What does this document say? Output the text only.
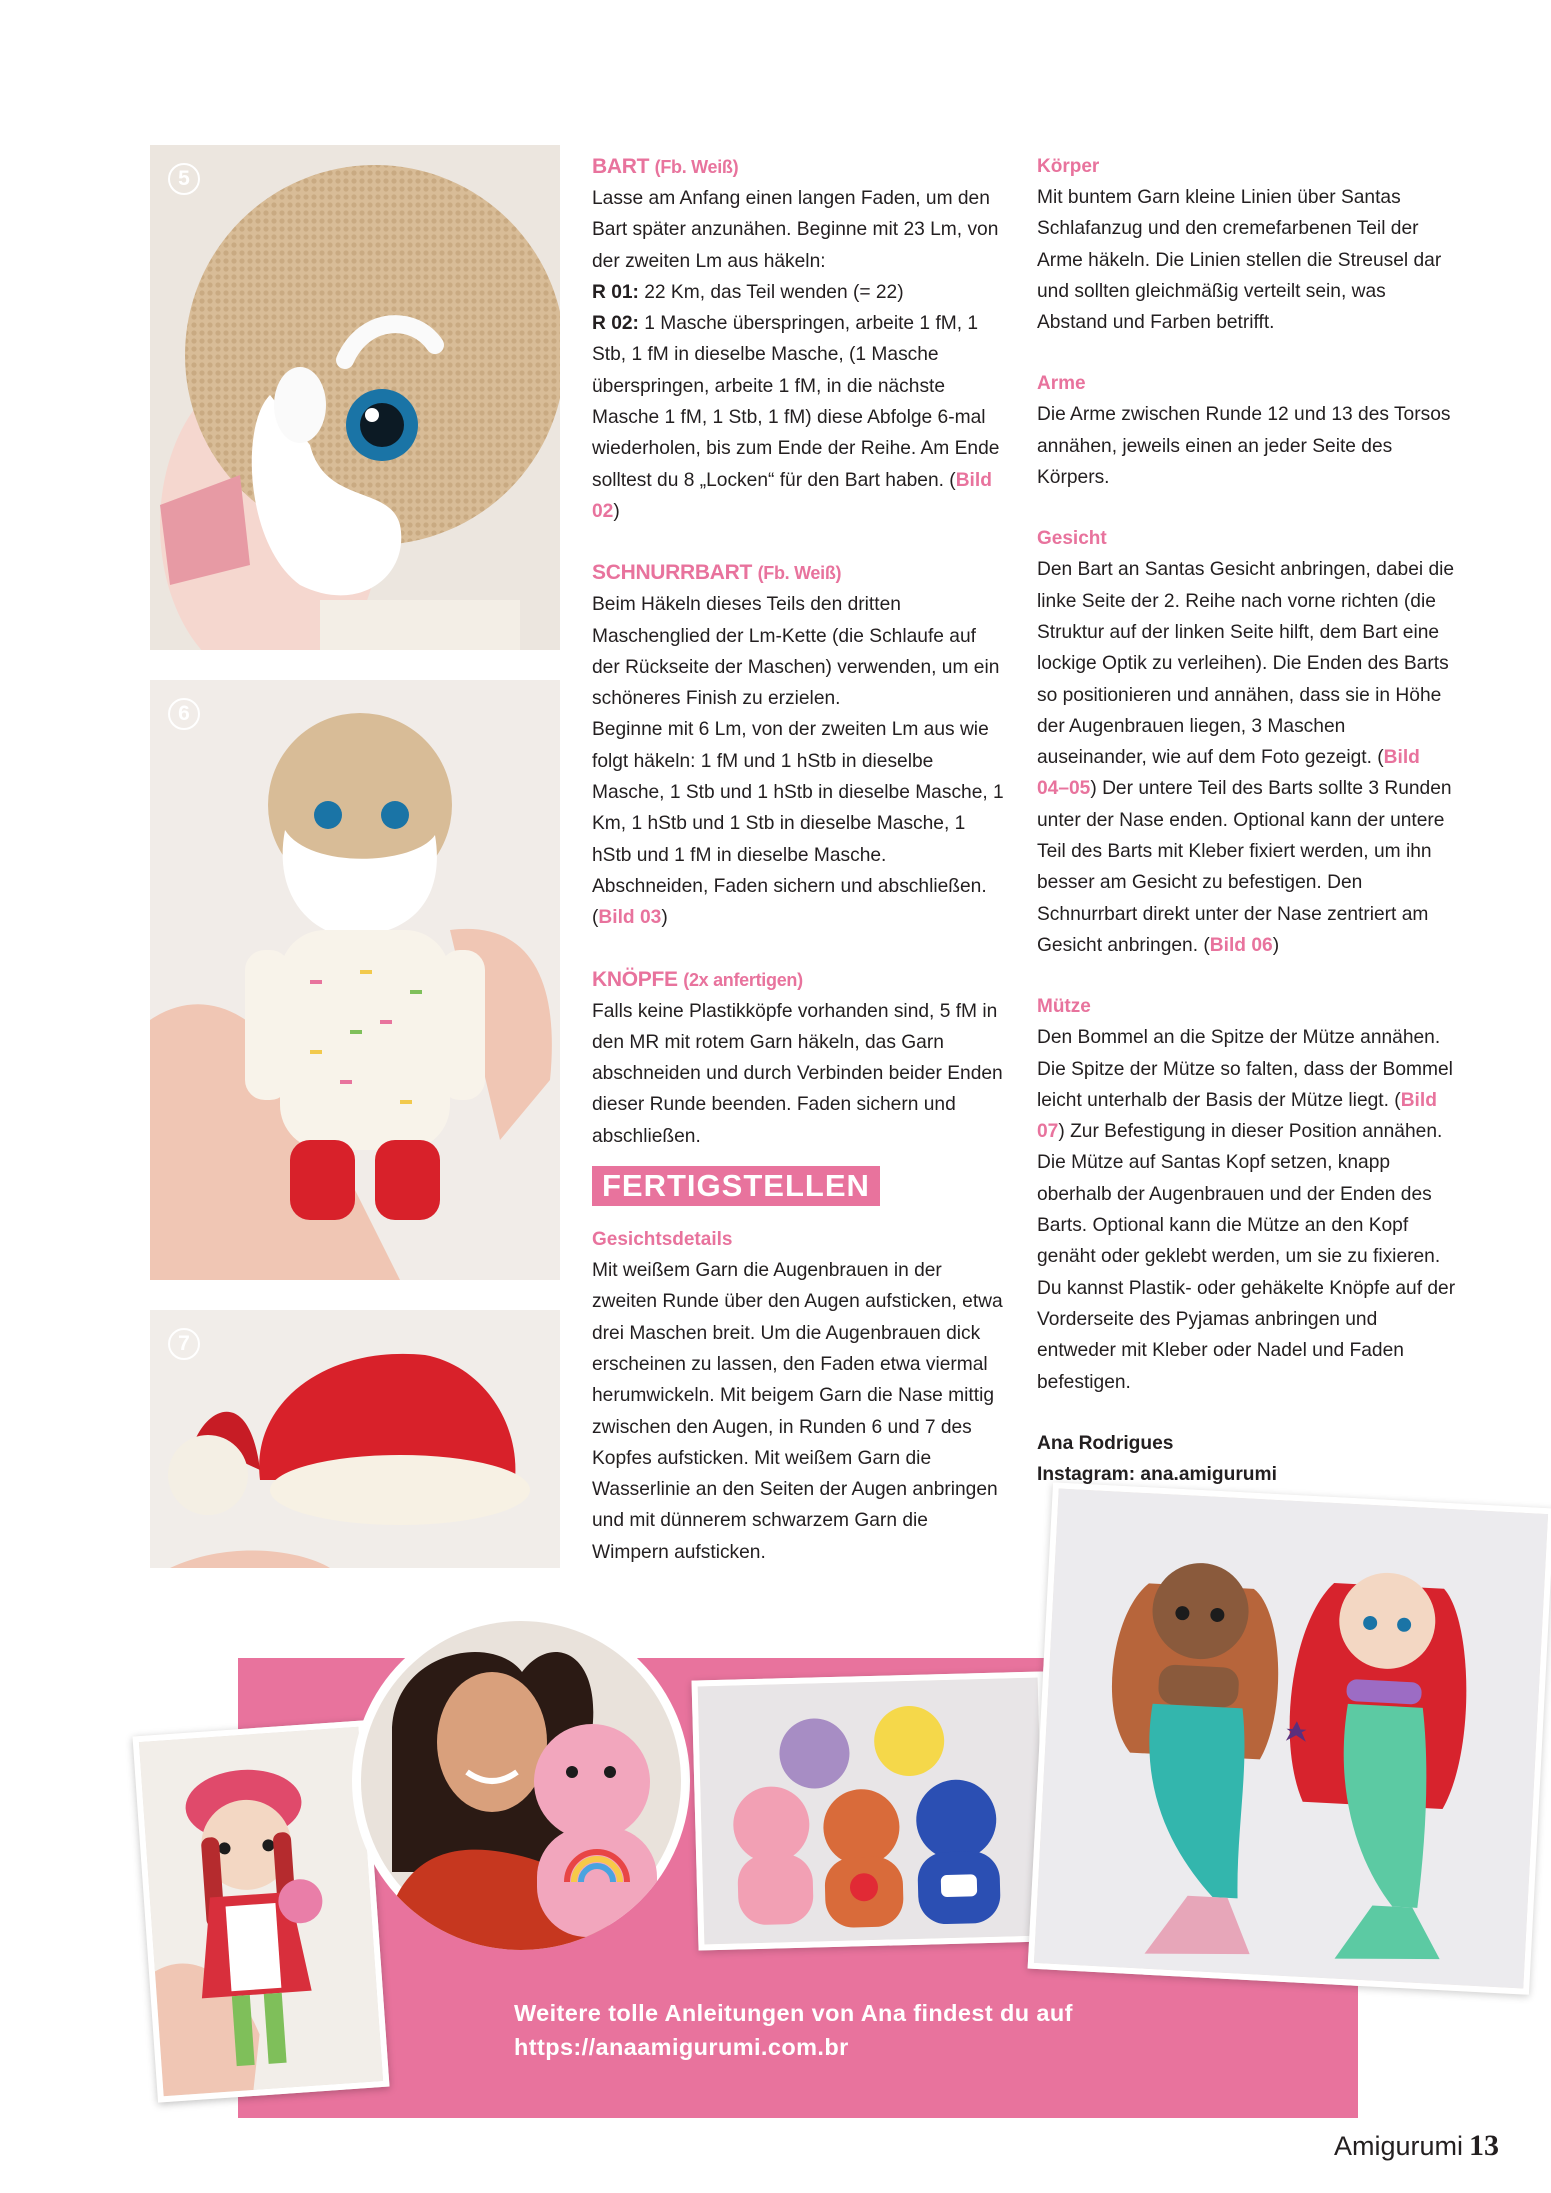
5
6
7
BART (Fb. Weiß)

Lasse am Anfang einen langen Faden, um den Bart später anzunähen. Beginne mit 23 Lm, von der zweiten Lm aus häkeln:

R 01: 22 Km, das Teil wenden (= 22)

R 02: 1 Masche überspringen, arbeite 1 fM, 1 Stb, 1 fM in dieselbe Masche, (1 Masche überspringen, arbeite 1 fM, in die nächste Masche 1 fM, 1 Stb, 1 fM) diese Abfolge 6-mal wiederholen, bis zum Ende der Reihe. Am Ende solltest du 8 „Locken“ für den Bart haben. (Bild 02)

SCHNURRBART (Fb. Weiß)

Beim Häkeln dieses Teils den dritten Maschenglied der Lm-Kette (die Schlaufe auf der Rückseite der Maschen) verwenden, um ein schöneres Finish zu erzielen.

Beginne mit 6 Lm, von der zweiten Lm aus wie folgt häkeln: 1 fM und 1 hStb in dieselbe Masche, 1 Stb und 1 hStb in dieselbe Masche, 1 Km, 1 hStb und 1 Stb in dieselbe Masche, 1 hStb und 1 fM in dieselbe Masche.

Abschneiden, Faden sichern und abschließen. (Bild 03)

KNÖPFE (2x anfertigen)

Falls keine Plastikköpfe vorhanden sind, 5 fM in den MR mit rotem Garn häkeln, das Garn abschneiden und durch Verbinden beider Enden dieser Runde beenden. Faden sichern und abschließen.

FERTIGSTELLEN
Gesichtsdetails

Mit weißem Garn die Augenbrauen in der zweiten Runde über den Augen aufsticken, etwa drei Maschen breit. Um die Augenbrauen dick erscheinen zu lassen, den Faden etwa viermal herumwickeln. Mit beigem Garn die Nase mittig zwischen den Augen, in Runden 6 und 7 des Kopfes aufsticken. Mit weißem Garn die Wasserlinie an den Seiten der Augen anbringen und mit dünnerem schwarzem Garn die Wimpern aufsticken.

Körper

Mit buntem Garn kleine Linien über Santas Schlafanzug und den cremefarbenen Teil der Arme häkeln. Die Linien stellen die Streusel dar und sollten gleichmäßig verteilt sein, was Abstand und Farben betrifft.

Arme

Die Arme zwischen Runde 12 und 13 des Torsos annähen, jeweils einen an jeder Seite des Körpers.

Gesicht

Den Bart an Santas Gesicht anbringen, dabei die linke Seite der 2. Reihe nach vorne richten (die Struktur auf der linken Seite hilft, dem Bart eine lockige Optik zu verleihen). Die Enden des Barts so positionieren und annähen, dass sie in Höhe der Augenbrauen liegen, 3 Maschen auseinander, wie auf dem Foto gezeigt. (Bild 04–05) Der untere Teil des Barts sollte 3 Runden unter der Nase enden. Optional kann der untere Teil des Barts mit Kleber fixiert werden, um ihn besser am Gesicht zu befestigen. Den Schnurrbart direkt unter der Nase zentriert am Gesicht anbringen. (Bild 06)

Mütze

Den Bommel an die Spitze der Mütze annähen. Die Spitze der Mütze so falten, dass der Bommel leicht unterhalb der Basis der Mütze liegt. (Bild 07) Zur Befestigung in dieser Position annähen. Die Mütze auf Santas Kopf setzen, knapp oberhalb der Augenbrauen und der Enden des Barts. Optional kann die Mütze an den Kopf genäht oder geklebt werden, um sie zu fixieren. Du kannst Plastik- oder gehäkelte Knöpfe auf der Vorderseite des Pyjamas anbringen und entweder mit Kleber oder Nadel und Faden befestigen.

Ana Rodrigues

Instagram: ana.amigurumi

Weitere tolle Anleitungen von Ana findest du auf
https://anaamigurumi.com.br
Amigurumi 13
